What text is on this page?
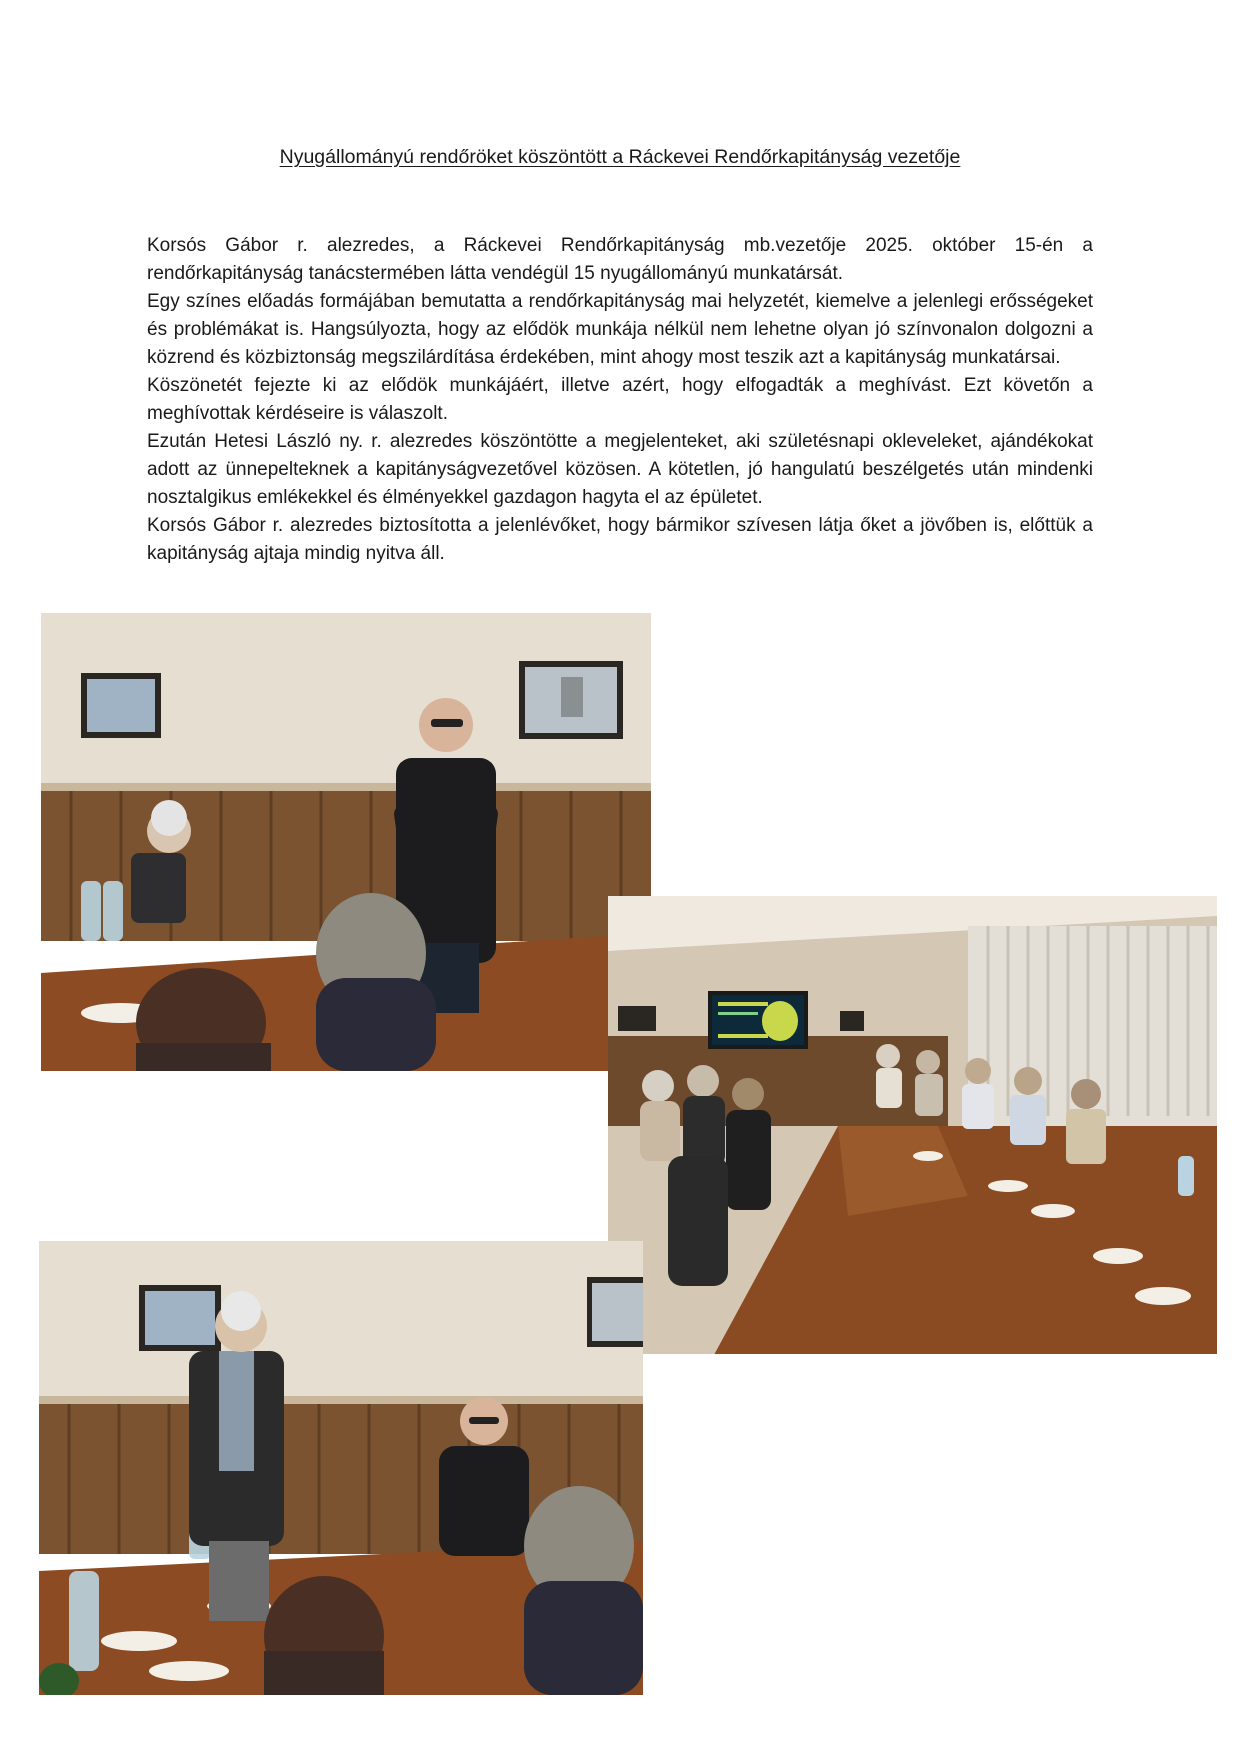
Nyugállományú rendőröket köszöntött a Ráckevei Rendőrkapitányság vezetője

Korsós Gábor r. alezredes, a Ráckevei Rendőrkapitányság mb.vezetője 2025. október 15-én a rendőrkapitányság tanácstermében látta vendégül 15 nyugállományú munkatársát.

Egy színes előadás formájában bemutatta a rendőrkapitányság mai helyzetét, kiemelve a jelenlegi erősségeket és problémákat is. Hangsúlyozta, hogy az elődök munkája nélkül nem lehetne olyan jó színvonalon dolgozni a közrend és közbiztonság megszilárdítása érdekében, mint ahogy most teszik azt a kapitányság munkatársai.

Köszönetét fejezte ki az elődök munkájáért, illetve azért, hogy elfogadták a meghívást. Ezt követőn a meghívottak kérdéseire is válaszolt.

Ezután Hetesi László ny. r. alezredes köszöntötte a megjelenteket, aki születésnapi okleveleket, ajándékokat adott az ünnepelteknek a kapitányságvezetővel közösen. A kötetlen, jó hangulatú beszélgetés után mindenki nosztalgikus emlékekkel és élményekkel gazdagon hagyta el az épületet.

Korsós Gábor r. alezredes biztosította a jelenlévőket, hogy bármikor szívesen látja őket a jövőben is, előttük a kapitányság ajtaja mindig nyitva áll.
